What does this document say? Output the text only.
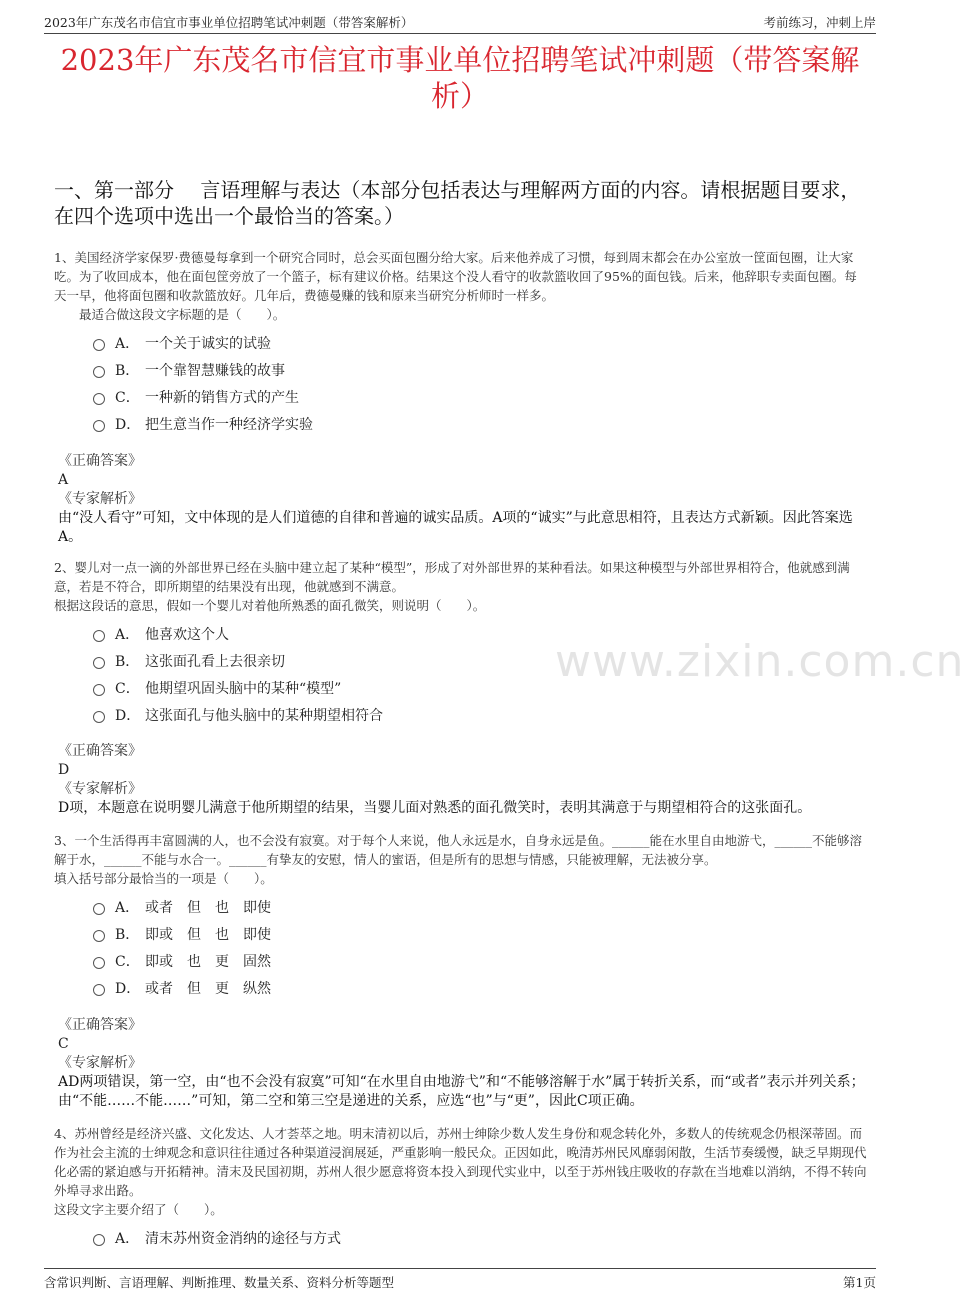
2023年广东茂名市信宜市事业单位招聘笔试冲刺题（带答案解析）	考前练习，冲刺上岸
2023年广东茂名市信宜市事业单位招聘笔试冲刺题（带答案解析）
一、第一部分　 言语理解与表达（本部分包括表达与理解两方面的内容。请根据题目要求，在四个选项中选出一个最恰当的答案。）
www.zixin.com.cn
1、美国经济学家保罗·费德曼每拿到一个研究合同时，总会买面包圈分给大家。后来他养成了习惯，每到周末都会在办公室放一筐面包圈，让大家吃。为了收回成本，他在面包筐旁放了一个篮子，标有建议价格。结果这个没人看守的收款篮收回了95%的面包钱。后来，他辞职专卖面包圈。每天一早，他将面包圈和收款篮放好。几年后，费德曼赚的钱和原来当研究分析师时一样多。
　　最适合做这段文字标题的是（　　）。
A． 一个关于诚实的试验
B． 一个靠智慧赚钱的故事
C． 一种新的销售方式的产生
D． 把生意当作一种经济学实验
《正确答案》
A
《专家解析》
由“没人看守”可知，文中体现的是人们道德的自律和普遍的诚实品质。A项的“诚实”与此意思相符，且表达方式新颖。因此答案选A。
2、婴儿对一点一滴的外部世界已经在头脑中建立起了某种“模型”，形成了对外部世界的某种看法。如果这种模型与外部世界相符合，他就感到满意，若是不符合，即所期望的结果没有出现，他就感到不满意。
根据这段话的意思，假如一个婴儿对着他所熟悉的面孔微笑，则说明（　　）。
A． 他喜欢这个人
B． 这张面孔看上去很亲切
C． 他期望巩固头脑中的某种“模型”
D． 这张面孔与他头脑中的某种期望相符合
《正确答案》
D
《专家解析》
D项，本题意在说明婴儿满意于他所期望的结果，当婴儿面对熟悉的面孔微笑时，表明其满意于与期望相符合的这张面孔。
3、一个生活得再丰富圆满的人，也不会没有寂寞。对于每个人来说，他人永远是水，自身永远是鱼。______能在水里自由地游弋，______不能够溶解于水，______不能与水合一。______有挚友的安慰，情人的蜜语，但是所有的思想与情感，只能被理解，无法被分享。
填入括号部分最恰当的一项是（　　）。
A． 或者　但　也　即使
B． 即或　但　也　即使
C． 即或　也　更　固然
D． 或者　但　更　纵然
《正确答案》
C
《专家解析》
AD两项错误，第一空，由“也不会没有寂寞”可知“在水里自由地游弋”和“不能够溶解于水”属于转折关系，而“或者”表示并列关系；由“不能……不能……”可知，第二空和第三空是递进的关系，应选“也”与“更”，因此C项正确。
4、苏州曾经是经济兴盛、文化发达、人才荟萃之地。明末清初以后，苏州士绅除少数人发生身份和观念转化外，多数人的传统观念仍根深蒂固。而作为社会主流的士绅观念和意识往往通过各种渠道浸润展延，严重影响一般民众。正因如此，晚清苏州民风靡弱闲散，生活节奏缓慢，缺乏早期现代化必需的紧迫感与开拓精神。清末及民国初期，苏州人很少愿意将资本投入到现代实业中，以至于苏州钱庄吸收的存款在当地难以消纳，不得不转向外埠寻求出路。
这段文字主要介绍了（　　）。
A． 清末苏州资金消纳的途径与方式
含常识判断、言语理解、判断推理、数量关系、资料分析等题型	第1页
